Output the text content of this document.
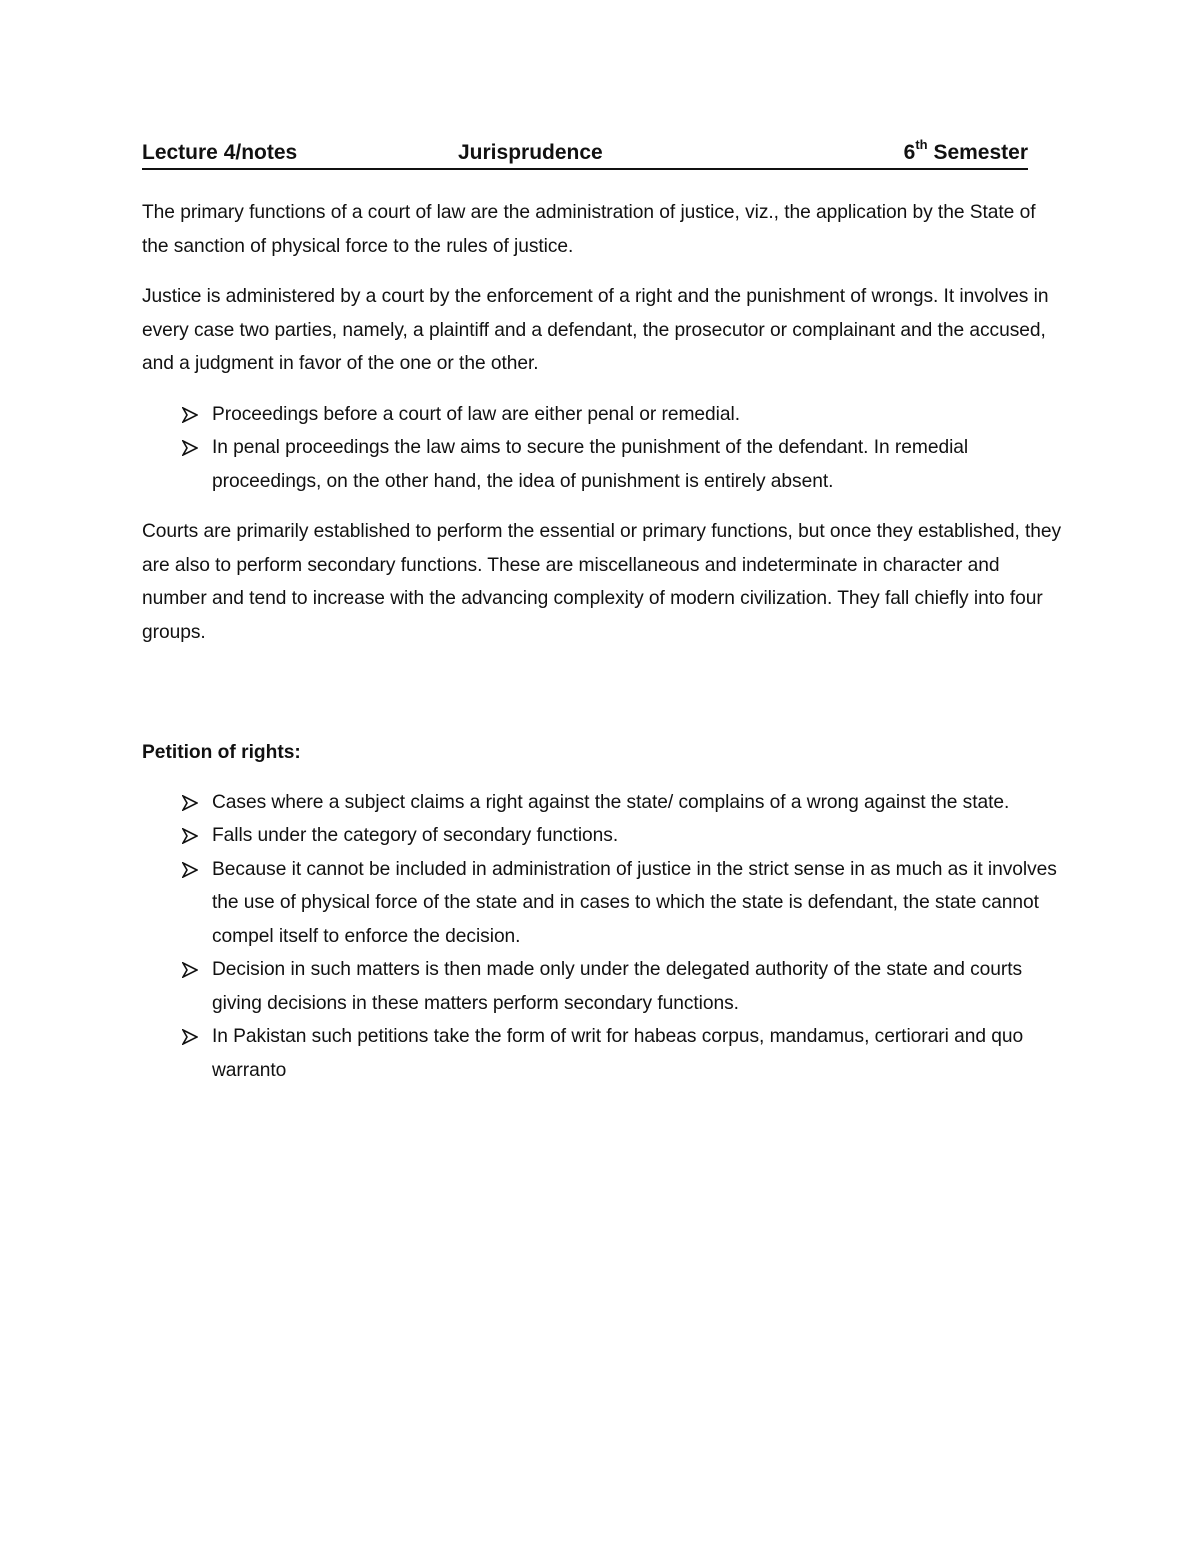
Lecture 4/notes	Jurisprudence	6th Semester

The primary functions of a court of law are the administration of justice, viz., the application by the State of the sanction of physical force to the rules of justice.

Justice is administered by a court by the enforcement of a right and the punishment of wrongs. It involves in every case two parties, namely, a plaintiff and a defendant, the prosecutor or complainant and the accused, and a judgment in favor of the one or the other.

Proceedings before a court of law are either penal or remedial.
In penal proceedings the law aims to secure the punishment of the defendant. In remedial proceedings, on the other hand, the idea of punishment is entirely absent.

Courts are primarily established to perform the essential or primary functions, but once they established, they are also to perform secondary functions. These are miscellaneous and indeterminate in character and number and tend to increase with the advancing complexity of modern civilization. They fall chiefly into four groups.

Petition of rights:
Cases where a subject claims a right against the state/ complains of a wrong against the state.
Falls under the category of secondary functions.
Because it cannot be included in administration of justice in the strict sense in as much as it involves the use of physical force of the state and in cases to which the state is defendant, the state cannot compel itself to enforce the decision.
Decision in such matters is then made only under the delegated authority of the state and courts giving decisions in these matters perform secondary functions.
In Pakistan such petitions take the form of writ for habeas corpus, mandamus, certiorari and quo warranto
